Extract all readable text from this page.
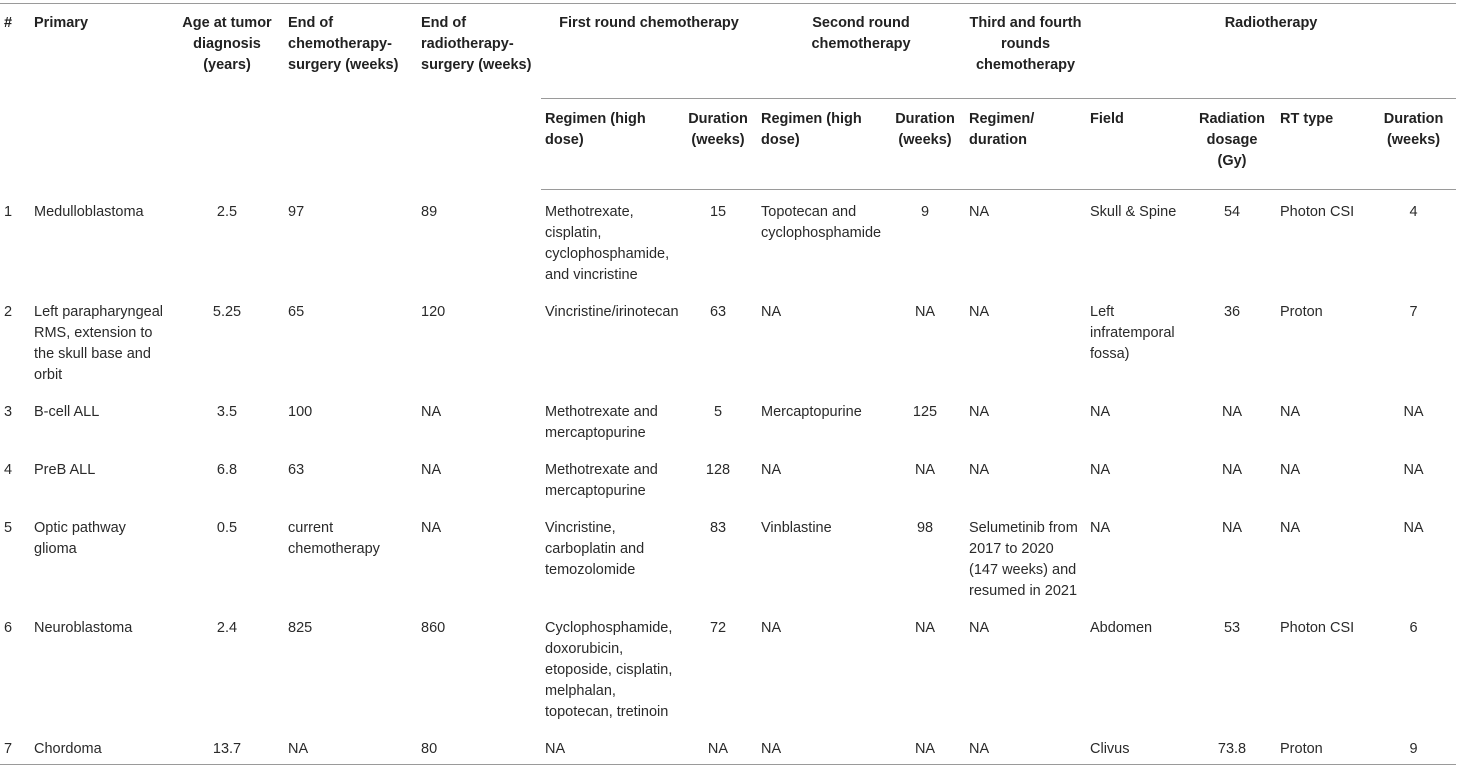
#	Primary	Age at tumor diagnosis (years)	End of chemotherapy-surgery (weeks)	End of radiotherapy-surgery (weeks)	First round chemotherapy		Second round chemotherapy		Third and fourth rounds chemotherapy	Radiotherapy			
					Regimen (high dose)	Duration (weeks)	Regimen (high dose)	Duration (weeks)	Regimen/ duration	Field	Radiation dosage (Gy)	RT type	Duration (weeks)
1	Medulloblastoma	2.5	97	89	Methotrexate, cisplatin, cyclophosphamide, and vincristine	15	Topotecan and cyclophosphamide	9	NA	Skull & Spine	54	Photon CSI	4
2	Left parapharyngeal RMS, extension to the skull base and orbit	5.25	65	120	Vincristine/irinotecan	63	NA	NA	NA	Left infratemporal fossa)	36	Proton	7
3	B-cell ALL	3.5	100	NA	Methotrexate and mercaptopurine	5	Mercaptopurine	125	NA	NA	NA	NA	NA
4	PreB ALL	6.8	63	NA	Methotrexate and mercaptopurine	128	NA	NA	NA	NA	NA	NA	NA
5	Optic pathway glioma	0.5	current chemotherapy	NA	Vincristine, carboplatin and temozolomide	83	Vinblastine	98	Selumetinib from 2017 to 2020 (147 weeks) and resumed in 2021	NA	NA	NA	NA
6	Neuroblastoma	2.4	825	860	Cyclophosphamide, doxorubicin, etoposide, cisplatin, melphalan, topotecan, tretinoin	72	NA	NA	NA	Abdomen	53	Photon CSI	6
7	Chordoma	13.7	NA	80	NA	NA	NA	NA	NA	Clivus	73.8	Proton	9
